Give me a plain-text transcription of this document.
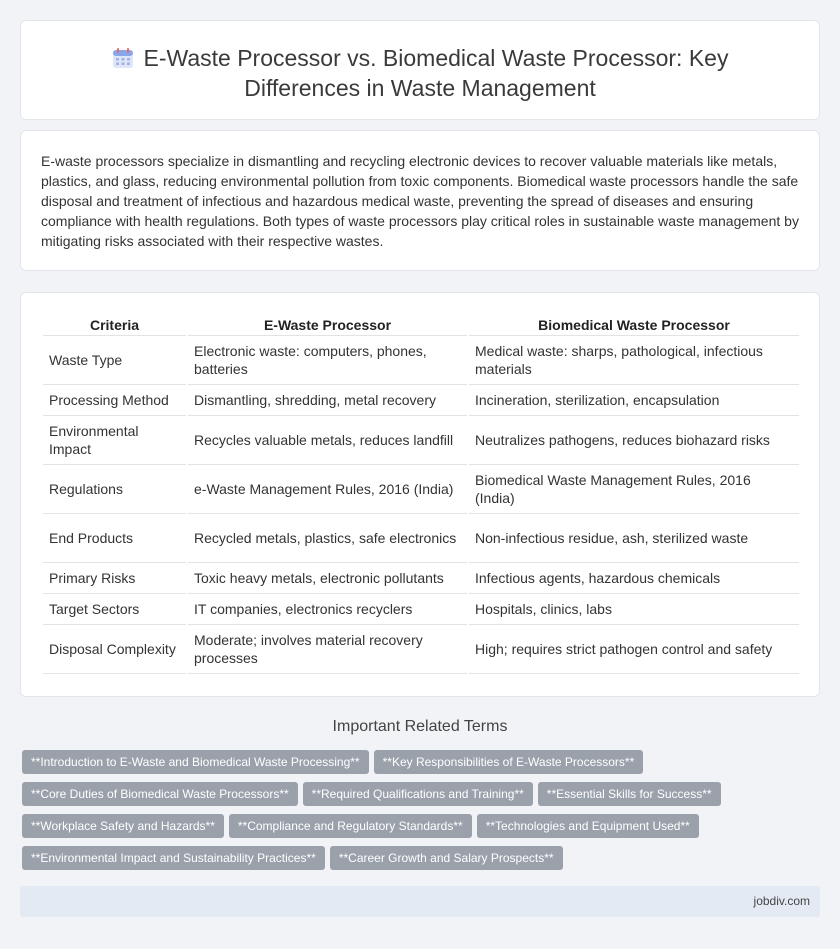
E-Waste Processor vs. Biomedical Waste Processor: Key Differences in Waste Management

E-waste processors specialize in dismantling and recycling electronic devices to recover valuable materials like metals, plastics, and glass, reducing environmental pollution from toxic components. Biomedical waste processors handle the safe disposal and treatment of infectious and hazardous medical waste, preventing the spread of diseases and ensuring compliance with health regulations. Both types of waste processors play critical roles in sustainable waste management by mitigating risks associated with their respective wastes.

Criteria	E-Waste Processor	Biomedical Waste Processor
Waste Type	Electronic waste: computers, phones, batteries	Medical waste: sharps, pathological, infectious materials
Processing Method	Dismantling, shredding, metal recovery	Incineration, sterilization, encapsulation
Environmental Impact	Recycles valuable metals, reduces landfill	Neutralizes pathogens, reduces biohazard risks
Regulations	e-Waste Management Rules, 2016 (India)	Biomedical Waste Management Rules, 2016 (India)
End Products	Recycled metals, plastics, safe electronics	Non-infectious residue, ash, sterilized waste
Primary Risks	Toxic heavy metals, electronic pollutants	Infectious agents, hazardous chemicals
Target Sectors	IT companies, electronics recyclers	Hospitals, clinics, labs
Disposal Complexity	Moderate; involves material recovery processes	High; requires strict pathogen control and safety
Important Related Terms
**Introduction to E-Waste and Biomedical Waste Processing** **Key Responsibilities of E-Waste Processors**
**Core Duties of Biomedical Waste Processors** **Required Qualifications and Training** **Essential Skills for Success**
**Workplace Safety and Hazards** **Compliance and Regulatory Standards** **Technologies and Equipment Used**
**Environmental Impact and Sustainability Practices** **Career Growth and Salary Prospects**
jobdiv.com
